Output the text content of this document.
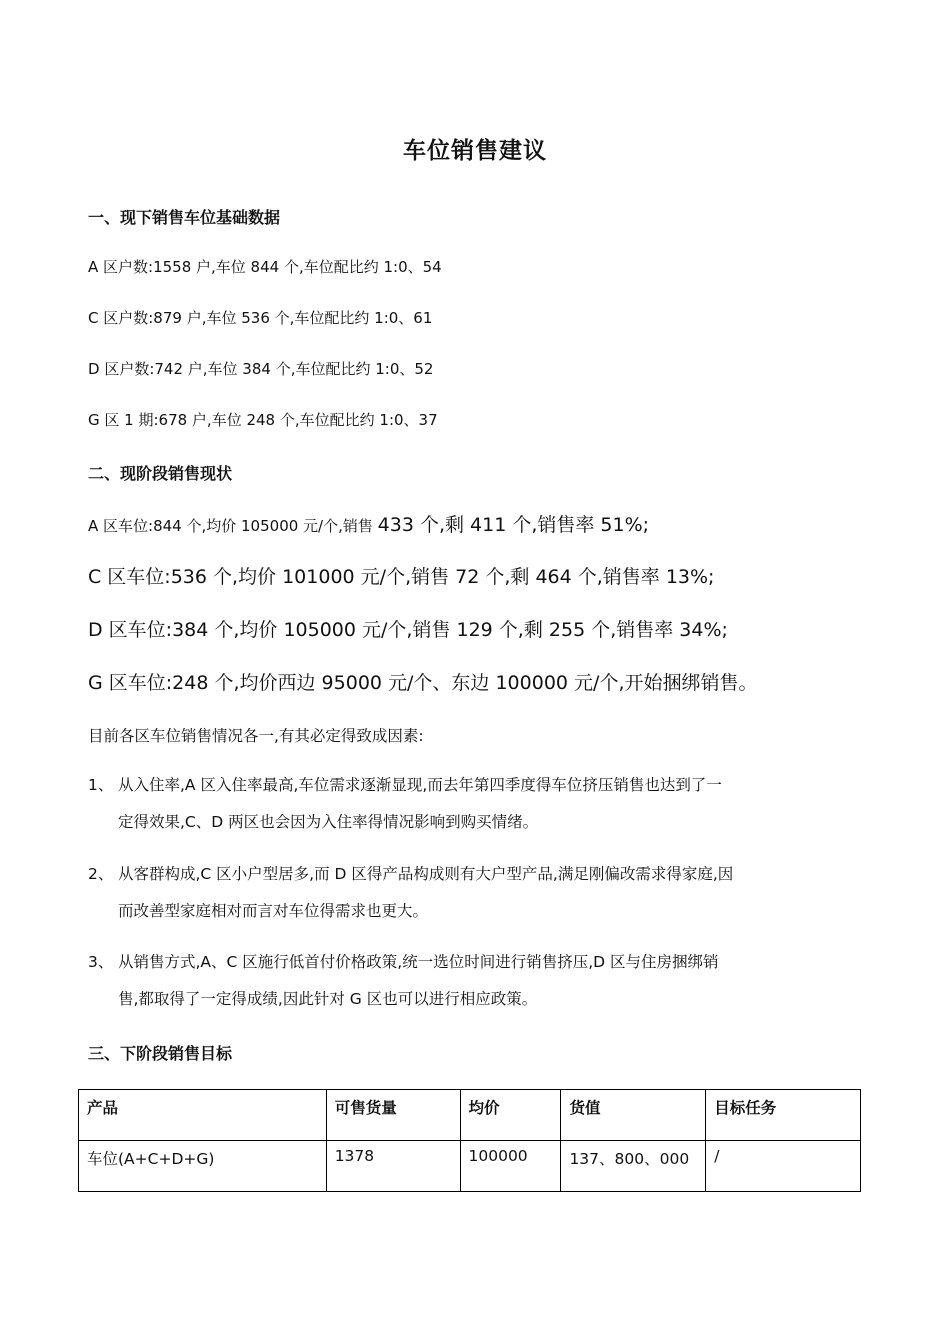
车位销售建议
一、现下销售车位基础数据
A 区户数:1558 户,车位 844 个,车位配比约 1:0、54
C 区户数:879 户,车位 536 个,车位配比约 1:0、61
D 区户数:742 户,车位 384 个,车位配比约 1:0、52
G 区 1 期:678 户,车位 248 个,车位配比约 1:0、37
二、现阶段销售现状
A 区车位:844 个,均价 105000 元/个,销售 433 个,剩 411 个,销售率 51%;
C 区车位:536 个,均价 101000 元/个,销售 72 个,剩 464 个,销售率 13%;
D 区车位:384 个,均价 105000 元/个,销售 129 个,剩 255 个,销售率 34%;
G 区车位:248 个,均价西边 95000 元/个、东边 100000 元/个,开始捆绑销售。
目前各区车位销售情况各一,有其必定得致成因素:
1、 从入住率,A 区入住率最高,车位需求逐渐显现,而去年第四季度得车位挤压销售也达到了一
定得效果,C、D 两区也会因为入住率得情况影响到购买情绪。
2、 从客群构成,C 区小户型居多,而 D 区得产品构成则有大户型产品,满足刚偏改需求得家庭,因
而改善型家庭相对而言对车位得需求也更大。
3、 从销售方式,A、C 区施行低首付价格政策,统一选位时间进行销售挤压,D 区与住房捆绑销
售,都取得了一定得成绩,因此针对 G 区也可以进行相应政策。
三、下阶段销售目标
产品	可售货量	均价	货值	目标任务
车位(A+C+D+G)	1378	100000	137、800、000	/
